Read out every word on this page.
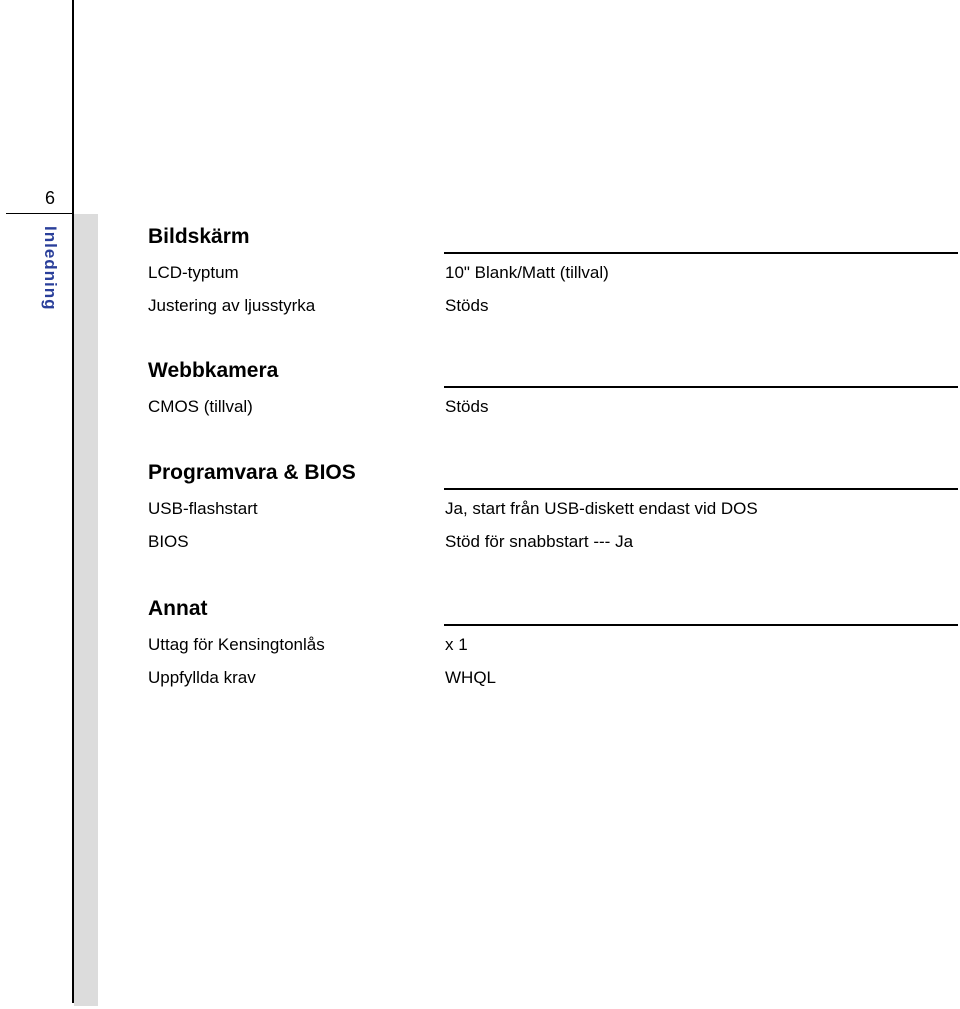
6
Inledning	Bildskärm
LCD-typtum	10" Blank/Matt (tillval)
Justering av ljusstyrka	Stöds
Webbkamera
CMOS (tillval)	Stöds
Programvara & BIOS
USB-flashstart	Ja, start från USB-diskett endast vid DOS
BIOS	Stöd för snabbstart --- Ja
Annat
Uttag för Kensingtonlås	x 1
Uppfyllda krav	WHQL
